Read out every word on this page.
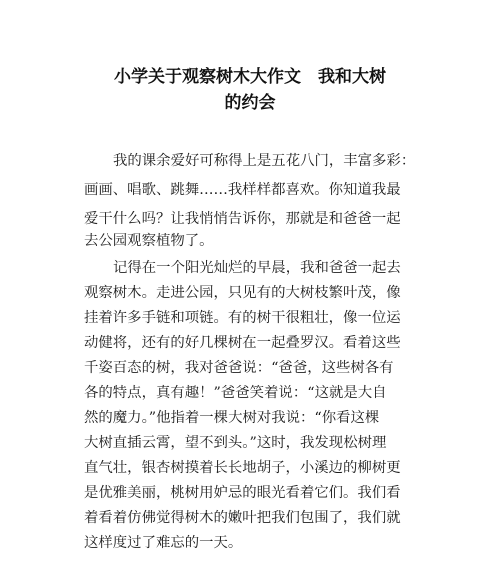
小学关于观察树木大作文　我和大树
的约会
我的课余爱好可称得上是五花八门，丰富多彩：
画画、唱歌、跳舞……我样样都喜欢。你知道我最
爱干什么吗？让我悄悄告诉你，那就是和爸爸一起
去公园观察植物了。
记得在一个阳光灿烂的早晨，我和爸爸一起去
观察树木。走进公园，只见有的大树枝繁叶茂，像
挂着许多手链和项链。有的树干很粗壮，像一位运
动健将，还有的好几棵树在一起叠罗汉。看着这些
千姿百态的树，我对爸爸说：“爸爸，这些树各有
各的特点，真有趣！”爸爸笑着说：“这就是大自
然的魔力。”他指着一棵大树对我说：“你看这棵
大树直插云霄，望不到头。”这时，我发现松树理
直气壮，银杏树摸着长长地胡子，小溪边的柳树更
是优雅美丽，桃树用妒忌的眼光看着它们。我们看
着看着仿佛觉得树木的嫩叶把我们包围了，我们就
这样度过了难忘的一天。
